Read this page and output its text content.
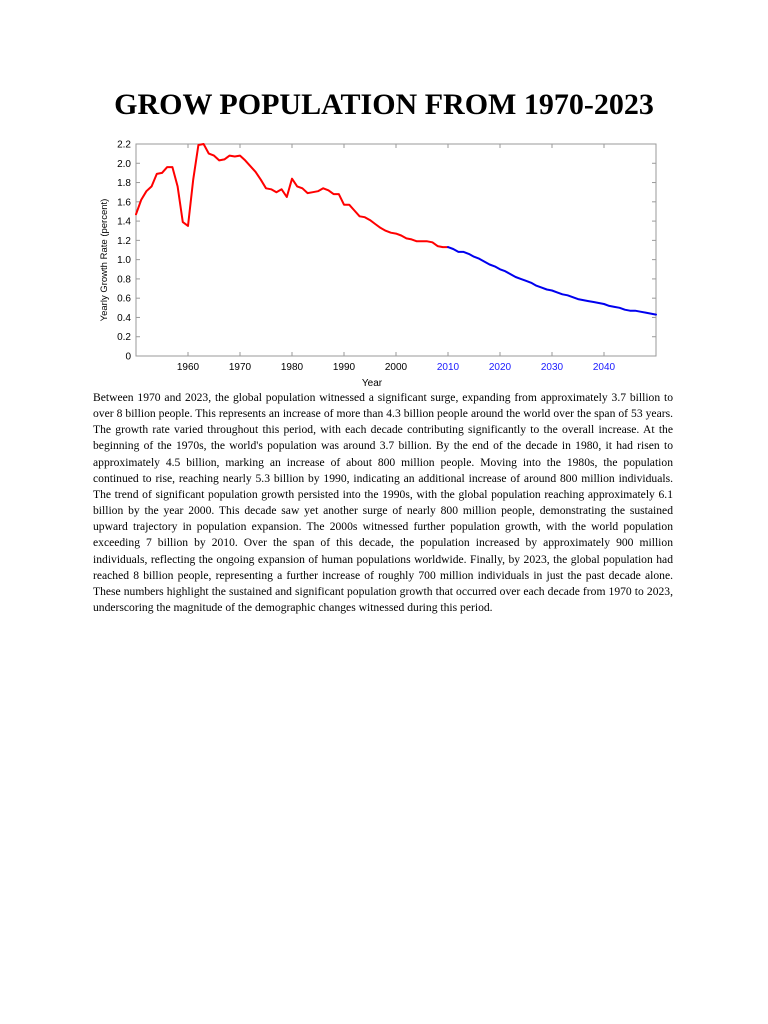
GROW POPULATION FROM 1970-2023
0
0.2
0.4
0.6
0.8
1.0
1.2
1.4
1.6
1.8
2.0
2.2
1960	1970	1980	1990	2000	2010	2020	2030	2040
Year
Yearly Growth Rate (percent)

Between 1970 and 2023, the global population witnessed a significant surge, expanding from approximately 3.7 billion to over 8 billion people. This represents an increase of more than 4.3 billion people around the world over the span of 53 years. The growth rate varied throughout this period, with each decade contributing significantly to the overall increase. At the beginning of the 1970s, the world's population was around 3.7 billion. By the end of the decade in 1980, it had risen to approximately 4.5 billion, marking an increase of about 800 million people. Moving into the 1980s, the population continued to rise, reaching nearly 5.3 billion by 1990, indicating an additional increase of around 800 million individuals. The trend of significant population growth persisted into the 1990s, with the global population reaching approximately 6.1 billion by the year 2000. This decade saw yet another surge of nearly 800 million people, demonstrating the sustained upward trajectory in population expansion. The 2000s witnessed further population growth, with the world population exceeding 7 billion by 2010. Over the span of this decade, the population increased by approximately 900 million individuals, reflecting the ongoing expansion of human populations worldwide. Finally, by 2023, the global population had reached 8 billion people, representing a further increase of roughly 700 million individuals in just the past decade alone. These numbers highlight the sustained and significant population growth that occurred over each decade from 1970 to 2023, underscoring the magnitude of the demographic changes witnessed during this period.
